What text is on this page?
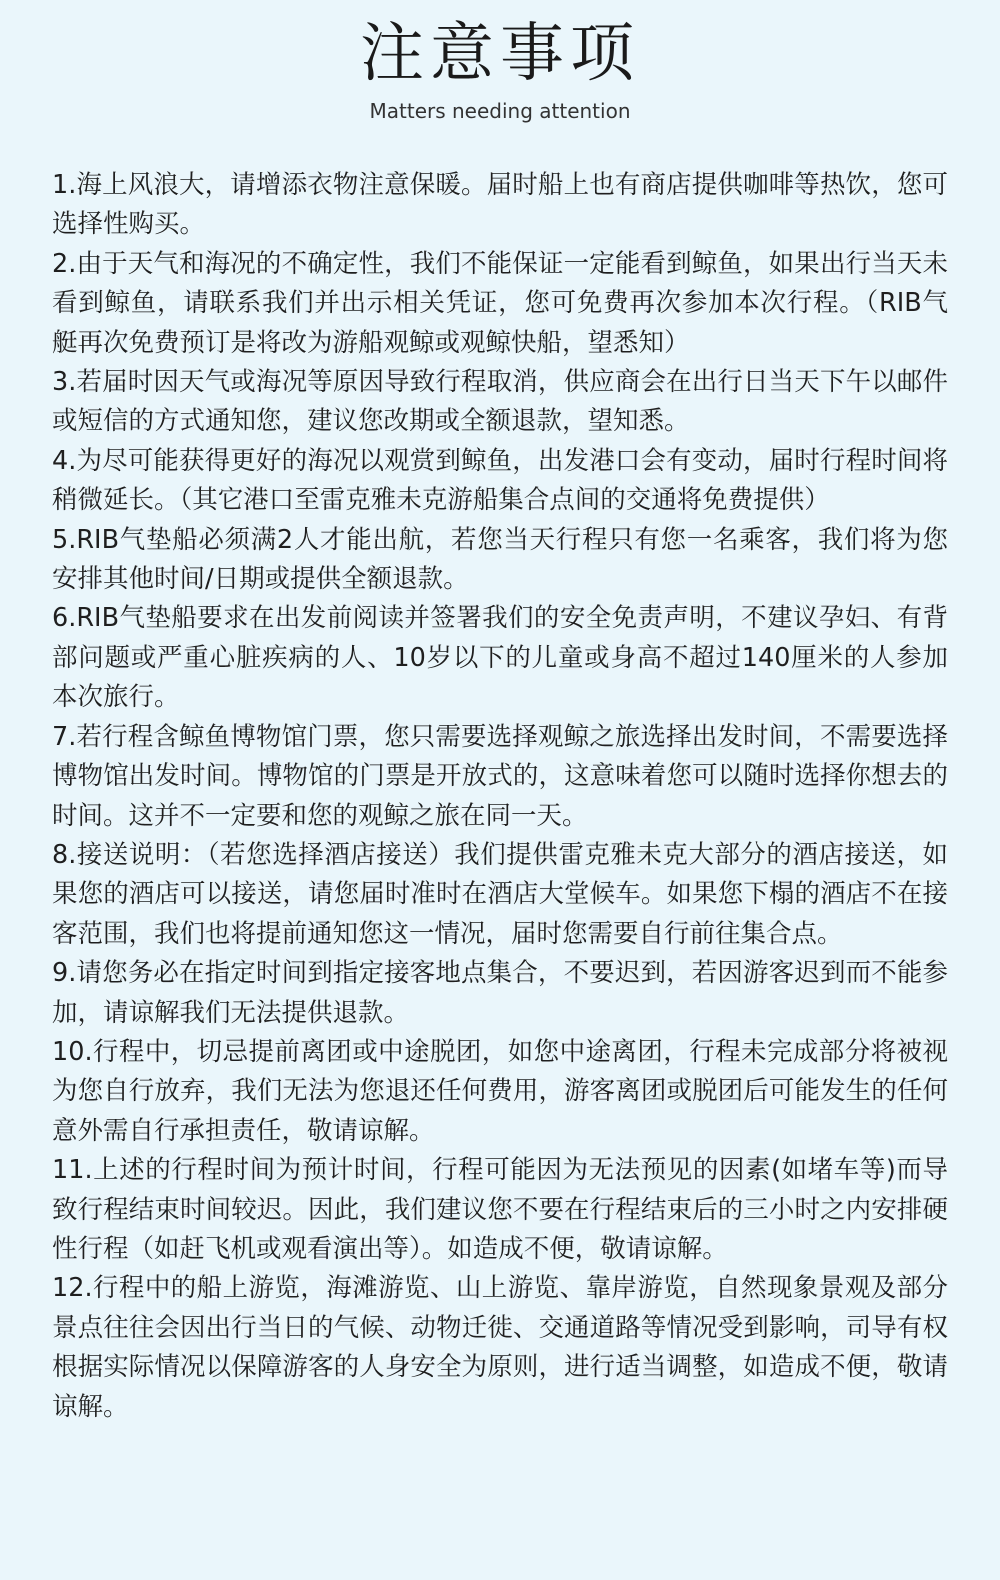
注意事项
Matters needing attention

1.海上风浪大，请增添衣物注意保暖。届时船上也有商店提供咖啡等热饮，您可选择性购买。

2.由于天气和海况的不确定性，我们不能保证一定能看到鲸鱼，如果出行当天未看到鲸鱼，请联系我们并出示相关凭证，您可免费再次参加本次行程。（RIB气艇再次免费预订是将改为游船观鲸或观鲸快船，望悉知）

3.若届时因天气或海况等原因导致行程取消，供应商会在出行日当天下午以邮件或短信的方式通知您，建议您改期或全额退款，望知悉。

4.为尽可能获得更好的海况以观赏到鲸鱼，出发港口会有变动，届时行程时间将稍微延长。（其它港口至雷克雅未克游船集合点间的交通将免费提供）

5.RIB气垫船必须满2人才能出航，若您当天行程只有您一名乘客，我们将为您安排其他时间/日期或提供全额退款。

6.RIB气垫船要求在出发前阅读并签署我们的安全免责声明，不建议孕妇、有背部问题或严重心脏疾病的人、10岁以下的儿童或身高不超过140厘米的人参加本次旅行。

7.若行程含鲸鱼博物馆门票，您只需要选择观鲸之旅选择出发时间，不需要选择博物馆出发时间。博物馆的门票是开放式的，这意味着您可以随时选择你想去的时间。这并不一定要和您的观鲸之旅在同一天。

8.接送说明：（若您选择酒店接送）我们提供雷克雅未克大部分的酒店接送，如果您的酒店可以接送，请您届时准时在酒店大堂候车。如果您下榻的酒店不在接客范围，我们也将提前通知您这一情况，届时您需要自行前往集合点。

9.请您务必在指定时间到指定接客地点集合，不要迟到，若因游客迟到而不能参加，请谅解我们无法提供退款。

10.行程中，切忌提前离团或中途脱团，如您中途离团，行程未完成部分将被视为您自行放弃，我们无法为您退还任何费用，游客离团或脱团后可能发生的任何意外需自行承担责任，敬请谅解。

11.上述的行程时间为预计时间，行程可能因为无法预见的因素(如堵车等)而导致行程结束时间较迟。因此，我们建议您不要在行程结束后的三小时之内安排硬性行程（如赶飞机或观看演出等）。如造成不便，敬请谅解。

12.行程中的船上游览，海滩游览、山上游览、靠岸游览，自然现象景观及部分景点往往会因出行当日的气候、动物迁徙、交通道路等情况受到影响，司导有权根据实际情况以保障游客的人身安全为原则，进行适当调整，如造成不便，敬请谅解。
